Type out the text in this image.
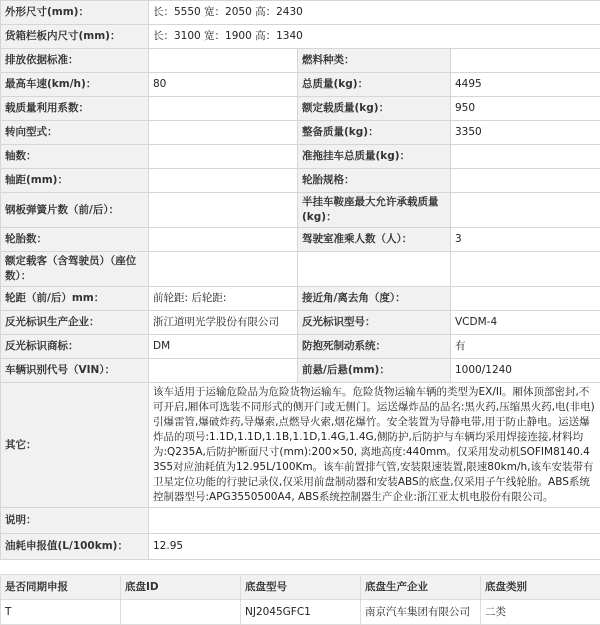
外形尺寸(mm)：	长：5550 宽：2050 高：2430		
货箱栏板内尺寸(mm)：	长：3100 宽：1900 高：1340		
排放依据标准：		燃料种类：	
最高车速(km/h)：	80	总质量(kg)：	4495
载质量利用系数：		额定载质量(kg)：	950
转向型式：		整备质量(kg)：	3350
轴数：		准拖挂车总质量(kg)：	
轴距(mm)：		轮胎规格：	
钢板弹簧片数（前/后）：		半挂车鞍座最大允许承载质量(kg)：	
轮胎数：		驾驶室准乘人数（人）：	3
额定载客（含驾驶员）（座位数）：			
轮距（前/后）mm：	前轮距: 后轮距:	接近角/离去角（度）：	
反光标识生产企业：	浙江道明光学股份有限公司	反光标识型号：	VCDM-4
反光标识商标：	DM	防抱死制动系统：	有
车辆识别代号（VIN）：		前悬/后悬(mm)：	1000/1240
其它：	该车适用于运输危险品为危险货物运输车。危险货物运输车辆的类型为EX/II。厢体顶部密封,不可开启,厢体可选装不同形式的侧开门或无侧门。运送爆炸品的品名:黑火药,压缩黑火药,电(非电)引爆雷管,爆破炸药,导爆索,点燃导火索,烟花爆竹。安全装置为导静电带,用于防止静电。运送爆炸品的项号:1.1D,1.1D,1.1B,1.1D,1.4G,1.4G,侧防护,后防护与车辆均采用焊接连接,材料均为:Q235A,后防护断面尺寸(mm):200×50, 离地高度:440mm。仅采用发动机SOFIM8140.43S5对应油耗值为12.95L/100Km。该车前置排气管,安装限速装置,限速80km/h,该车安装带有卫星定位功能的行驶记录仪,仅采用前盘制动器和安装ABS的底盘,仅采用子午线轮胎。ABS系统控制器型号:APG3550500A4, ABS系统控制器生产企业:浙江亚太机电股份有限公司。		
说明：			
油耗申报值(L/100km)：	12.95		
是否同期申报	底盘ID	底盘型号	底盘生产企业	底盘类别
T		NJ2045GFC1	南京汽车集团有限公司	二类
